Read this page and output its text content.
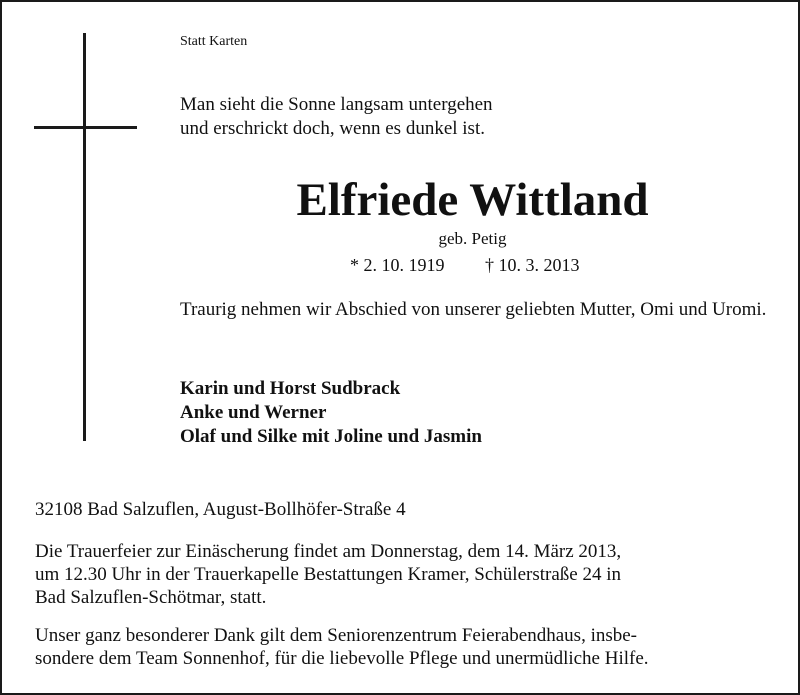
Statt Karten
Man sieht die Sonne langsam untergehen
und erschrickt doch, wenn es dunkel ist.
Elfriede Wittland
geb. Petig
* 2. 10. 1919 † 10. 3. 2013
Traurig nehmen wir Abschied von unserer geliebten Mutter, Omi und Uromi.
Karin und Horst Sudbrack
Anke und Werner
Olaf und Silke mit Joline und Jasmin
32108 Bad Salzuflen, August-Bollhöfer-Straße 4
Die Trauerfeier zur Einäscherung findet am Donnerstag, dem 14. März 2013,
um 12.30 Uhr in der Trauerkapelle Bestattungen Kramer, Schülerstraße 24 in
Bad Salzuflen-Schötmar, statt.
Unser ganz besonderer Dank gilt dem Seniorenzentrum Feierabendhaus, insbe-
sondere dem Team Sonnenhof, für die liebevolle Pflege und unermüdliche Hilfe.
